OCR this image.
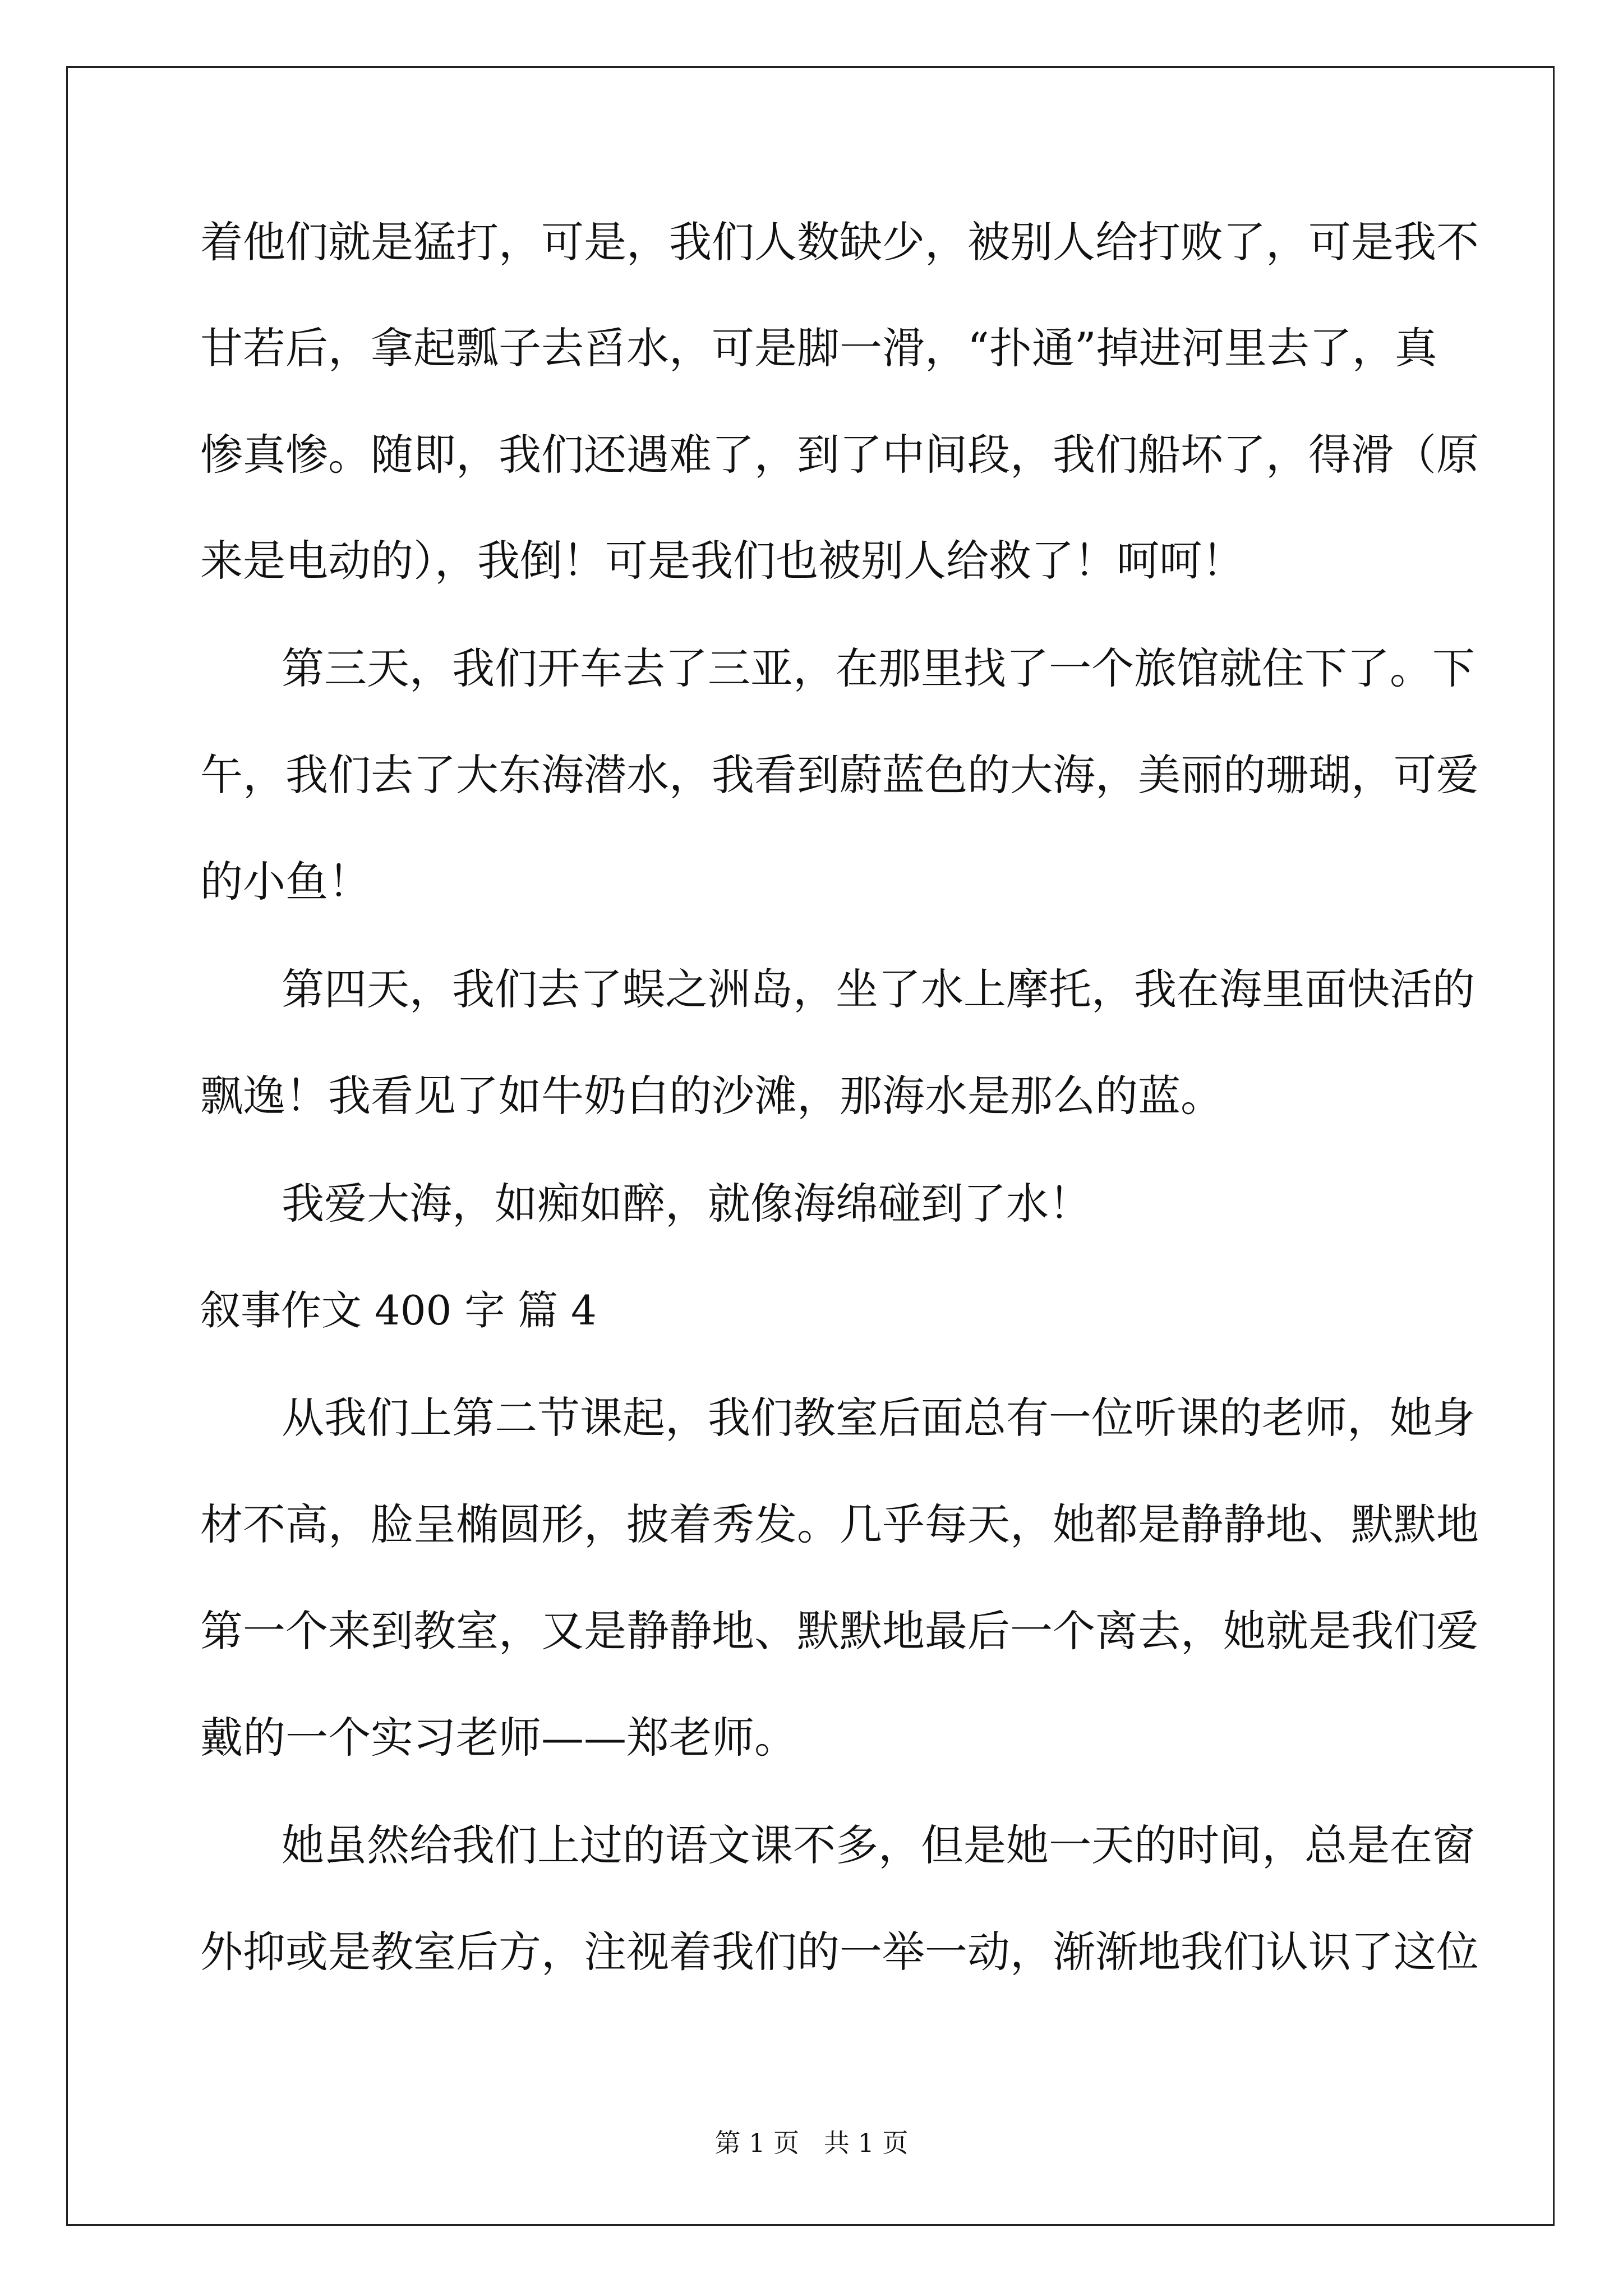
着他们就是猛打，可是，我们人数缺少，被别人给打败了，可是我不
甘若后，拿起瓢子去舀水，可是脚一滑，“扑通”掉进河里去了，真
惨真惨。随即，我们还遇难了，到了中间段，我们船坏了，得滑（原
来是电动的），我倒！可是我们也被别人给救了！呵呵！
第三天，我们开车去了三亚，在那里找了一个旅馆就住下了。下
午，我们去了大东海潜水，我看到蔚蓝色的大海，美丽的珊瑚，可爱
的小鱼！
第四天，我们去了蜈之洲岛，坐了水上摩托，我在海里面快活的
飘逸！我看见了如牛奶白的沙滩，那海水是那么的蓝。
我爱大海，如痴如醉，就像海绵碰到了水！
叙事作文 400 字 篇 4
从我们上第二节课起，我们教室后面总有一位听课的老师，她身
材不高，脸呈椭圆形，披着秀发。几乎每天，她都是静静地、默默地
第一个来到教室，又是静静地、默默地最后一个离去，她就是我们爱
戴的一个实习老师——郑老师。
她虽然给我们上过的语文课不多，但是她一天的时间，总是在窗
外抑或是教室后方，注视着我们的一举一动，渐渐地我们认识了这位
第 1 页   共 1 页
